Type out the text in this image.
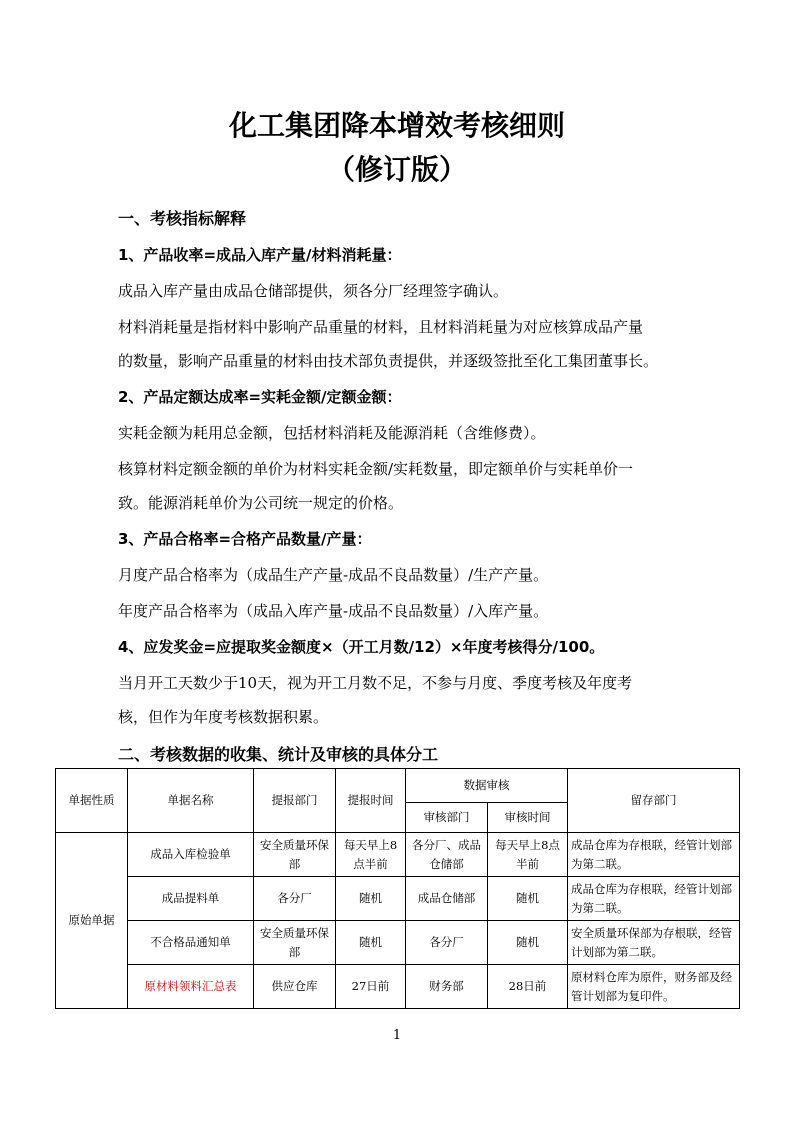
化工集团降本增效考核细则
（修订版）
一、考核指标解释
1、产品收率=成品入库产量/材料消耗量：
成品入库产量由成品仓储部提供，须各分厂经理签字确认。
材料消耗量是指材料中影响产品重量的材料，且材料消耗量为对应核算成品产量
的数量，影响产品重量的材料由技术部负责提供，并逐级签批至化工集团董事长。
2、产品定额达成率=实耗金额/定额金额：
实耗金额为耗用总金额，包括材料消耗及能源消耗（含维修费）。
核算材料定额金额的单价为材料实耗金额/实耗数量，即定额单价与实耗单价一
致。能源消耗单价为公司统一规定的价格。
3、产品合格率=合格产品数量/产量：
月度产品合格率为（成品生产产量-成品不良品数量）/生产产量。
年度产品合格率为（成品入库产量-成品不良品数量）/入库产量。
4、应发奖金=应提取奖金额度×（开工月数/12）×年度考核得分/100。
当月开工天数少于10天，视为开工月数不足，不参与月度、季度考核及年度考
核，但作为年度考核数据积累。
二、考核数据的收集、统计及审核的具体分工
单据性质	单据名称	提报部门	提报时间	数据审核		留存部门
				审核部门	审核时间	
原始单据	成品入库检验单	安全质量环保部	每天早上8点半前	各分厂、成品仓储部	每天早上8点半前	成品仓库为存根联，经管计划部为第二联。
	成品提料单	各分厂	随机	成品仓储部	随机	成品仓库为存根联，经管计划部为第二联。
	不合格品通知单	安全质量环保部	随机	各分厂	随机	安全质量环保部为存根联，经管计划部为第二联。
	原材料领料汇总表	供应仓库	27日前	财务部	28日前	原材料仓库为原件，财务部及经管计划部为复印件。
1
